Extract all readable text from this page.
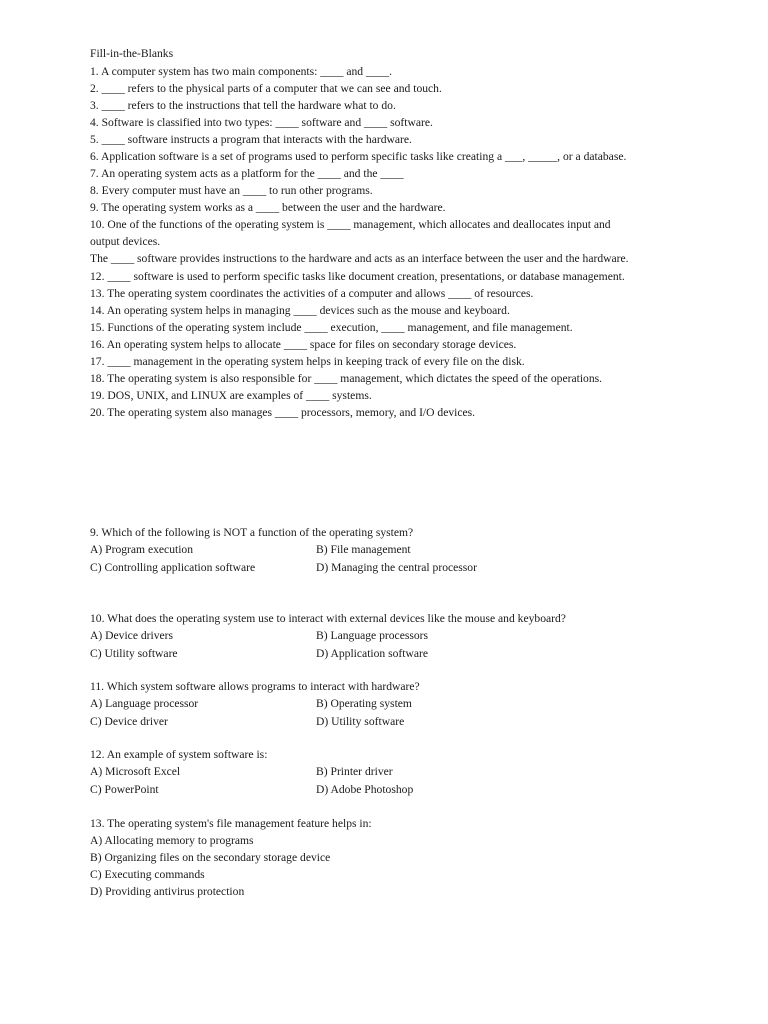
Fill-in-the-Blanks
1. A computer system has two main components: ____ and ____.
2. ____ refers to the physical parts of a computer that we can see and touch.
3. ____ refers to the instructions that tell the hardware what to do.
4. Software is classified into two types: ____ software and ____ software.
5. ____ software instructs a program that interacts with the hardware.
6. Application software is a set of programs used to perform specific tasks like creating a ___, _____, or a database.
7. An operating system acts as a platform for the ____ and the ____
8. Every computer must have an ____ to run other programs.
9. The operating system works as a ____ between the user and the hardware.
10. One of the functions of the operating system is ____ management, which allocates and deallocates input and
output devices.
The ____ software provides instructions to the hardware and acts as an interface between the user and the hardware.
12. ____ software is used to perform specific tasks like document creation, presentations, or database management.
13. The operating system coordinates the activities of a computer and allows ____ of resources.
14. An operating system helps in managing ____ devices such as the mouse and keyboard.
15. Functions of the operating system include ____ execution, ____ management, and file management.
16. An operating system helps to allocate ____ space for files on secondary storage devices.
17. ____ management in the operating system helps in keeping track of every file on the disk.
18. The operating system is also responsible for ____ management, which dictates the speed of the operations.
19. DOS, UNIX, and LINUX are examples of ____ systems.
20. The operating system also manages ____ processors, memory, and I/O devices.
9. Which of the following is NOT a function of the operating system?
A) Program execution	B) File management
C) Controlling application software	D) Managing the central processor
10. What does the operating system use to interact with external devices like the mouse and keyboard?
A) Device drivers	B) Language processors
C) Utility software	D) Application software
11. Which system software allows programs to interact with hardware?
A) Language processor	B) Operating system
C) Device driver	D) Utility software
12. An example of system software is:
A) Microsoft Excel	B) Printer driver
C) PowerPoint	D) Adobe Photoshop
13. The operating system's file management feature helps in:
A) Allocating memory to programs
B) Organizing files on the secondary storage device
C) Executing commands
D) Providing antivirus protection
